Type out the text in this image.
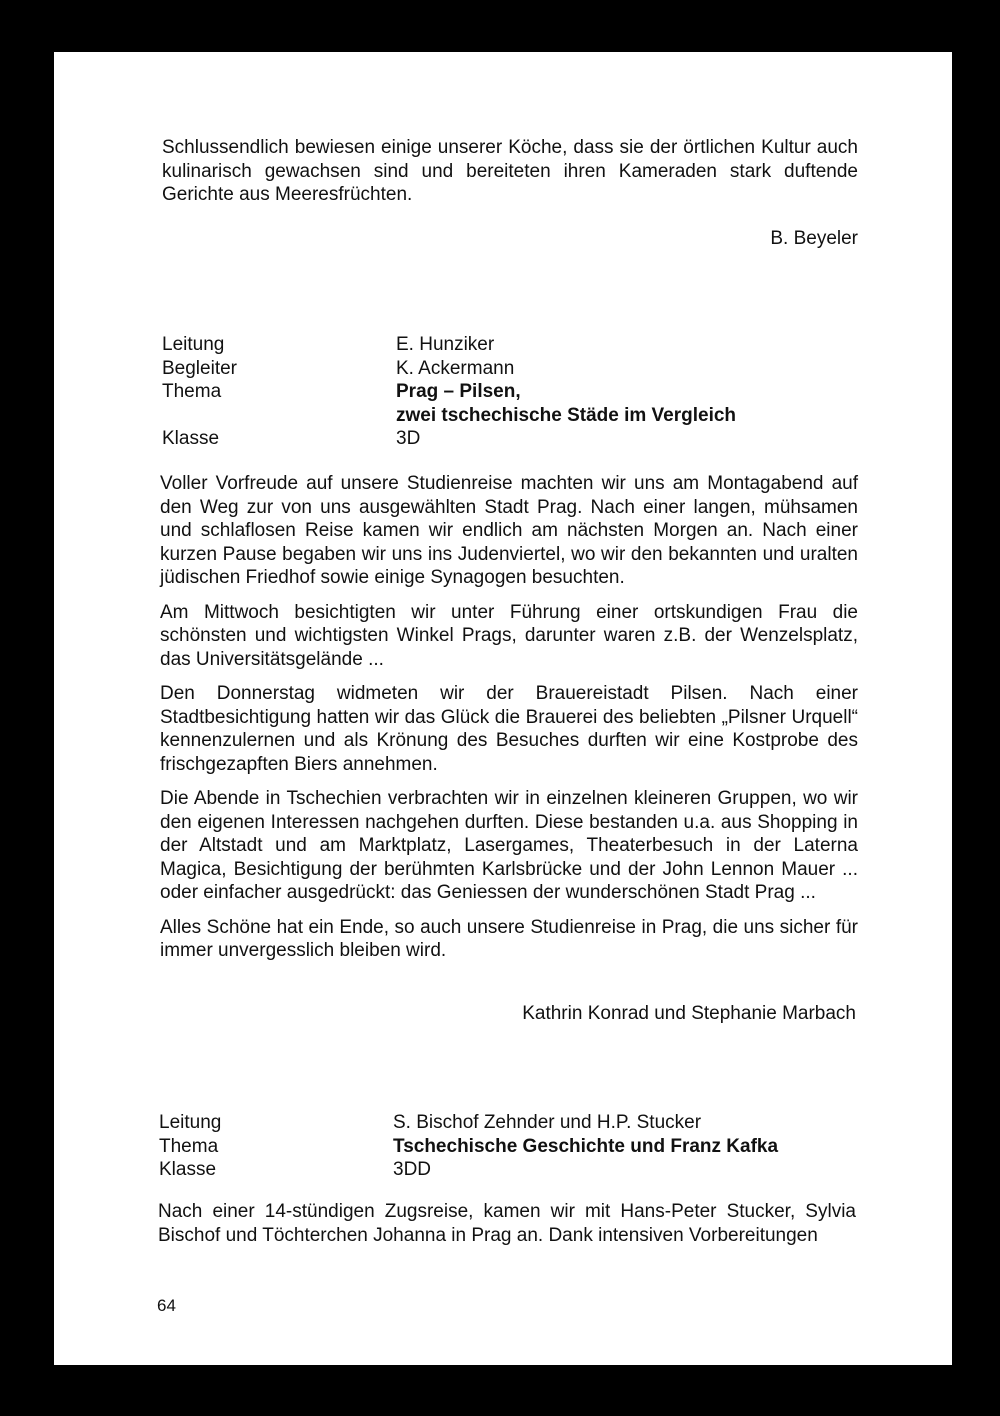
Schlussendlich bewiesen einige unserer Köche, dass sie der örtlichen Kultur auch kulinarisch gewachsen sind und bereiteten ihren Kameraden stark duftende Gerichte aus Meeresfrüchten.

B. Beyeler
Leitung	E. Hunziker
Begleiter	K. Ackermann
Thema	Prag – Pilsen,
zwei tschechische Städe im Vergleich
Klasse	3D

Voller Vorfreude auf unsere Studienreise machten wir uns am Montagabend auf den Weg zur von uns ausgewählten Stadt Prag. Nach einer langen, mühsamen und schlaflosen Reise kamen wir endlich am nächsten Morgen an. Nach einer kurzen Pause begaben wir uns ins Judenviertel, wo wir den bekannten und uralten jüdischen Friedhof sowie einige Synagogen besuchten.

Am Mittwoch besichtigten wir unter Führung einer ortskundigen Frau die schönsten und wichtigsten Winkel Prags, darunter waren z.B. der Wenzelsplatz, das Universitätsgelände ...

Den Donnerstag widmeten wir der Brauereistadt Pilsen. Nach einer Stadtbesichtigung hatten wir das Glück die Brauerei des beliebten „Pilsner Urquell“ kennenzulernen und als Krönung des Besuches durften wir eine Kostprobe des frischgezapften Biers annehmen.

Die Abende in Tschechien verbrachten wir in einzelnen kleineren Gruppen, wo wir den eigenen Interessen nachgehen durften. Diese bestanden u.a. aus Shopping in der Altstadt und am Marktplatz, Lasergames, Theaterbesuch in der Laterna Magica, Besichtigung der berühmten Karlsbrücke und der John Lennon Mauer ... oder einfacher ausgedrückt: das Geniessen der wunderschönen Stadt Prag ...

Alles Schöne hat ein Ende, so auch unsere Studienreise in Prag, die uns sicher für immer unvergesslich bleiben wird.

Kathrin Konrad und Stephanie Marbach
Leitung	S. Bischof Zehnder und H.P. Stucker
Thema	Tschechische Geschichte und Franz Kafka
Klasse	3DD

Nach einer 14-stündigen Zugsreise, kamen wir mit Hans-Peter Stucker, Sylvia Bischof und Töchterchen Johanna in Prag an. Dank intensiven Vorbereitungen

64
